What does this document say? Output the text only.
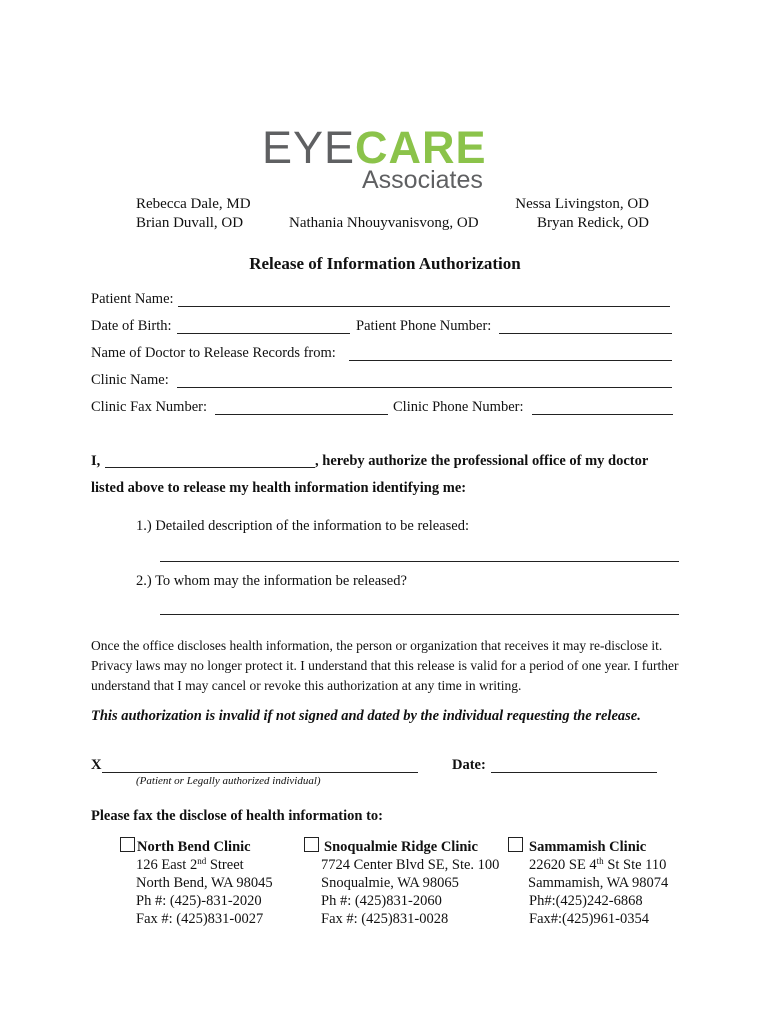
EYECARE
Associates
Rebecca Dale, MD
Brian Duvall, OD	Nathania Nhouyvanisvong, OD
Nessa Livingston, OD
Bryan Redick, OD
Release of Information Authorization
Patient Name:
Date of Birth:	Patient Phone Number:
Name of Doctor to Release Records from:
Clinic Name:
Clinic Fax Number:	Clinic Phone Number:
I,	, hereby authorize the professional office of my doctor
listed above to release my health information identifying me:
1.) Detailed description of the information to be released:
2.) To whom may the information be released?
Once the office discloses health information, the person or organization that receives it may re-disclose it. Privacy laws may no longer protect it. I understand that this release is valid for a period of one year. I further understand that I may cancel or revoke this authorization at any time in writing.
This authorization is invalid if not signed and dated by the individual requesting the release.
X
(Patient or Legally authorized individual)
Date:
Please fax the disclose of health information to:
North Bend Clinic
126 East 2nd Street
North Bend, WA 98045
Ph #: (425)-831-2020
Fax #: (425)831-0027
Snoqualmie Ridge Clinic
7724 Center Blvd SE, Ste. 100
Snoqualmie, WA 98065
Ph #: (425)831-2060
Fax #: (425)831-0028
Sammamish Clinic
22620 SE 4th St Ste 110
Sammamish, WA 98074
Ph#:(425)242-6868
Fax#:(425)961-0354
